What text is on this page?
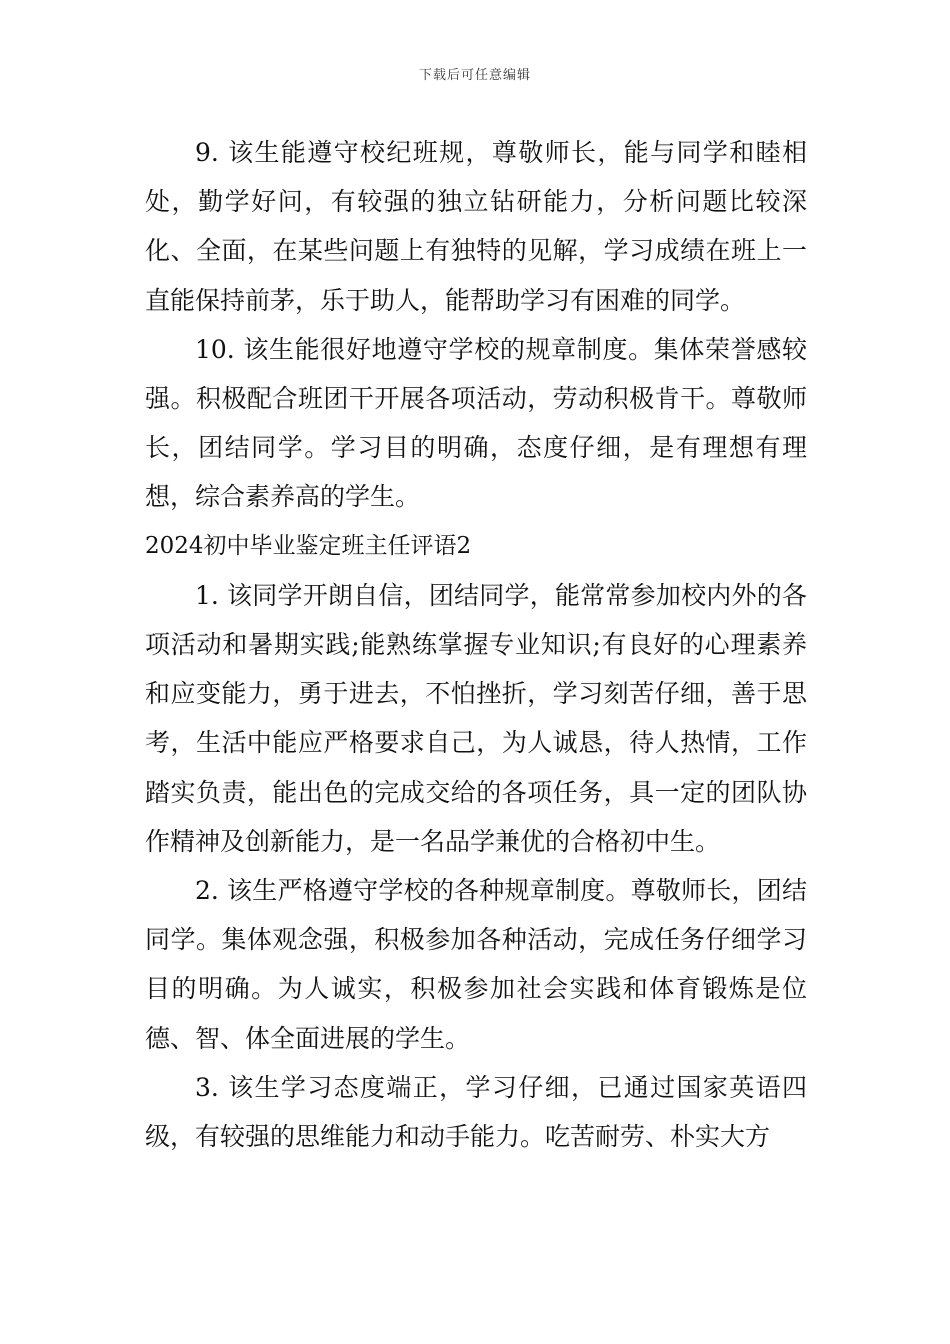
下载后可任意编辑

9. 该生能遵守校纪班规，尊敬师长，能与同学和睦相处，勤学好问，有较强的独立钻研能力，分析问题比较深化、全面，在某些问题上有独特的见解，学习成绩在班上一直能保持前茅，乐于助人，能帮助学习有困难的同学。

10. 该生能很好地遵守学校的规章制度。集体荣誉感较强。积极配合班团干开展各项活动，劳动积极肯干。尊敬师长，团结同学。学习目的明确，态度仔细，是有理想有理想，综合素养高的学生。

2024初中毕业鉴定班主任评语2

1. 该同学开朗自信，团结同学，能常常参加校内外的各项活动和暑期实践;能熟练掌握专业知识;有良好的心理素养和应变能力，勇于进去，不怕挫折，学习刻苦仔细，善于思考，生活中能应严格要求自己，为人诚恳，待人热情，工作踏实负责，能出色的完成交给的各项任务，具一定的团队协作精神及创新能力，是一名品学兼优的合格初中生。

2. 该生严格遵守学校的各种规章制度。尊敬师长，团结同学。集体观念强，积极参加各种活动，完成任务仔细学习目的明确。为人诚实，积极参加社会实践和体育锻炼是位德、智、体全面进展的学生。

3. 该生学习态度端正，学习仔细，已通过国家英语四级，有较强的思维能力和动手能力。吃苦耐劳、朴实大方
